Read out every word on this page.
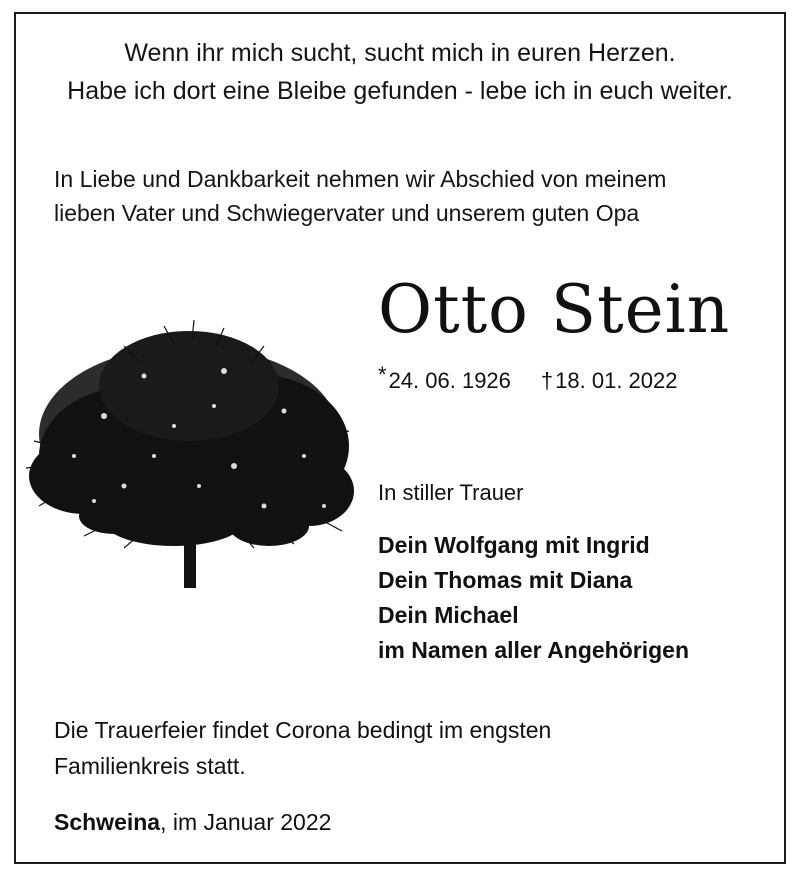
Wenn ihr mich sucht, sucht mich in euren Herzen.
Habe ich dort eine Bleibe gefunden - lebe ich in euch weiter.
In Liebe und Dankbarkeit nehmen wir Abschied von meinem
lieben Vater und Schwiegervater und unserem guten Opa
Otto Stein
*24. 06. 1926 †18. 01. 2022
In stiller Trauer
Dein Wolfgang mit Ingrid
Dein Thomas mit Diana
Dein Michael
im Namen aller Angehörigen
Die Trauerfeier findet Corona bedingt im engsten
Familienkreis statt.
Schweina, im Januar 2022
